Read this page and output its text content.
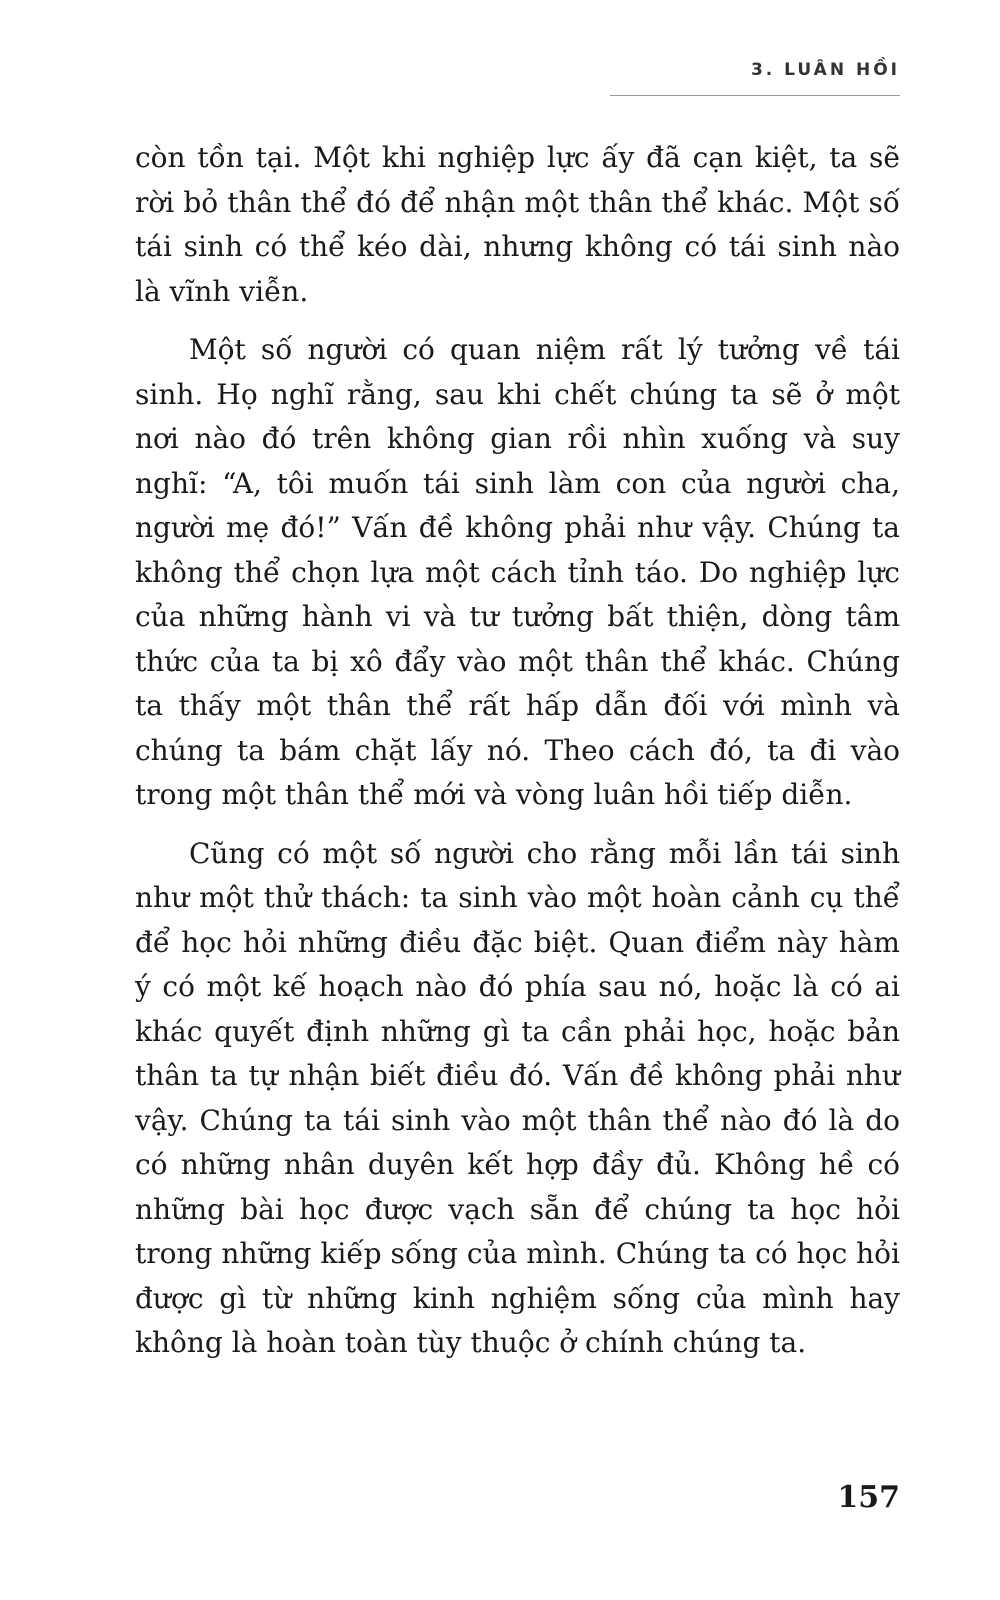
3. LUÂN HỒI

còn tồn tại. Một khi nghiệp lực ấy đã cạn kiệt, ta sẽ rời bỏ thân thể đó để nhận một thân thể khác. Một số tái sinh có thể kéo dài, nhưng không có tái sinh nào là vĩnh viễn.

Một số người có quan niệm rất lý tưởng về tái sinh. Họ nghĩ rằng, sau khi chết chúng ta sẽ ở một nơi nào đó trên không gian rồi nhìn xuống và suy nghĩ: “A, tôi muốn tái sinh làm con của người cha, người mẹ đó!” Vấn đề không phải như vậy. Chúng ta không thể chọn lựa một cách tỉnh táo. Do nghiệp lực của những hành vi và tư tưởng bất thiện, dòng tâm thức của ta bị xô đẩy vào một thân thể khác. Chúng ta thấy một thân thể rất hấp dẫn đối với mình và chúng ta bám chặt lấy nó. Theo cách đó, ta đi vào trong một thân thể mới và vòng luân hồi tiếp diễn.

Cũng có một số người cho rằng mỗi lần tái sinh như một thử thách: ta sinh vào một hoàn cảnh cụ thể để học hỏi những điều đặc biệt. Quan điểm này hàm ý có một kế hoạch nào đó phía sau nó, hoặc là có ai khác quyết định những gì ta cần phải học, hoặc bản thân ta tự nhận biết điều đó. Vấn đề không phải như vậy. Chúng ta tái sinh vào một thân thể nào đó là do có những nhân duyên kết hợp đầy đủ. Không hề có những bài học được vạch sẵn để chúng ta học hỏi trong những kiếp sống của mình. Chúng ta có học hỏi được gì từ những kinh nghiệm sống của mình hay không là hoàn toàn tùy thuộc ở chính chúng ta.

157
